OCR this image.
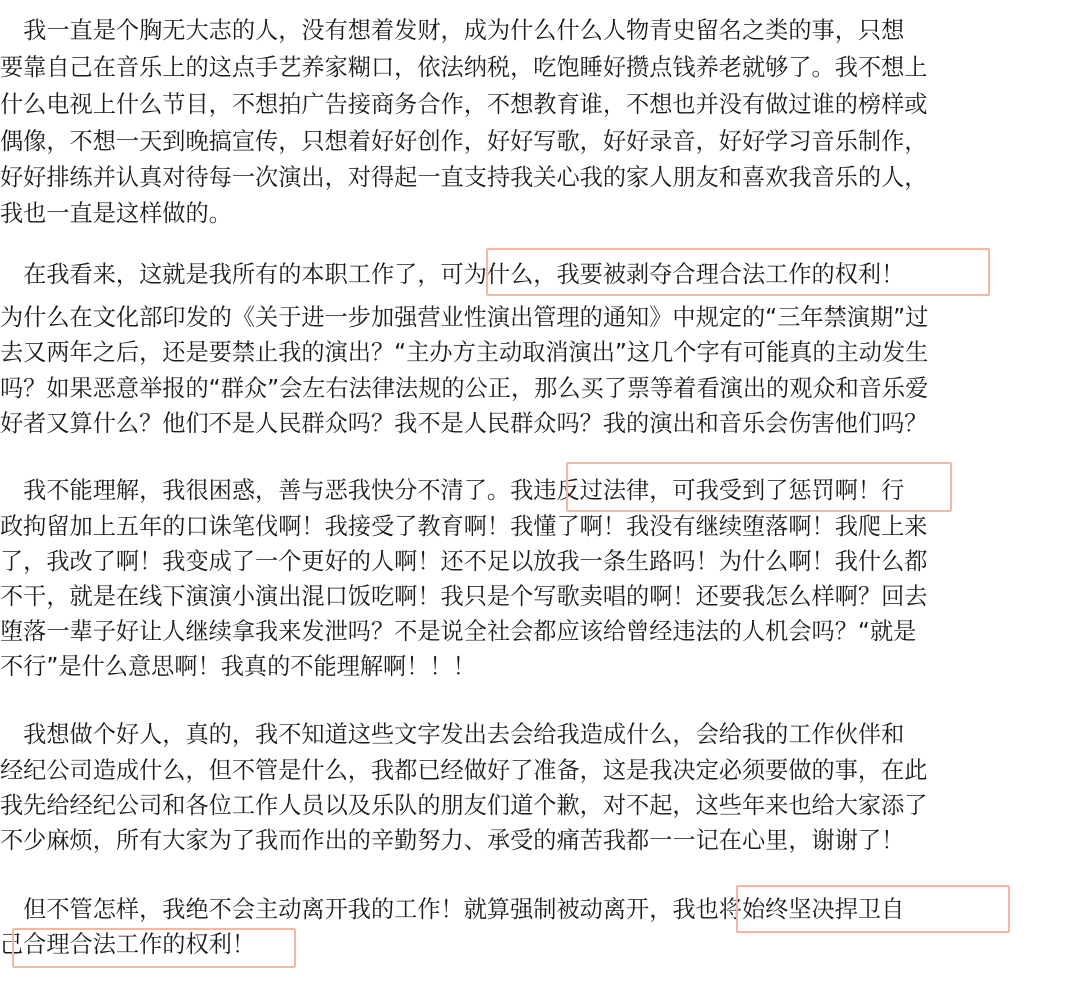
　我一直是个胸无大志的人，没有想着发财，成为什么什么人物青史留名之类的事，只想
要靠自己在音乐上的这点手艺养家糊口，依法纳税，吃饱睡好攒点钱养老就够了。我不想上
什么电视上什么节目，不想拍广告接商务合作，不想教育谁，不想也并没有做过谁的榜样或
偶像，不想一天到晚搞宣传，只想着好好创作，好好写歌，好好录音，好好学习音乐制作，
好好排练并认真对待每一次演出，对得起一直支持我关心我的家人朋友和喜欢我音乐的人，
我也一直是这样做的。
　在我看来，这就是我所有的本职工作了，可为什么，我要被剥夺合理合法工作的权利！
为什么在文化部印发的《关于进一步加强营业性演出管理的通知》中规定的“三年禁演期”过
去又两年之后，还是要禁止我的演出？“主办方主动取消演出”这几个字有可能真的主动发生
吗？如果恶意举报的“群众”会左右法律法规的公正，那么买了票等着看演出的观众和音乐爱
好者又算什么？他们不是人民群众吗？我不是人民群众吗？我的演出和音乐会伤害他们吗？
　我不能理解，我很困惑，善与恶我快分不清了。我违反过法律，可我受到了惩罚啊！行
政拘留加上五年的口诛笔伐啊！我接受了教育啊！我懂了啊！我没有继续堕落啊！我爬上来
了，我改了啊！我变成了一个更好的人啊！还不足以放我一条生路吗！为什么啊！我什么都
不干，就是在线下演演小演出混口饭吃啊！我只是个写歌卖唱的啊！还要我怎么样啊？回去
堕落一辈子好让人继续拿我来发泄吗？不是说全社会都应该给曾经违法的人机会吗？“就是
不行”是什么意思啊！我真的不能理解啊！！！
　我想做个好人，真的，我不知道这些文字发出去会给我造成什么，会给我的工作伙伴和
经纪公司造成什么，但不管是什么，我都已经做好了准备，这是我决定必须要做的事，在此
我先给经纪公司和各位工作人员以及乐队的朋友们道个歉，对不起，这些年来也给大家添了
不少麻烦，所有大家为了我而作出的辛勤努力、承受的痛苦我都一一记在心里，谢谢了！
　但不管怎样，我绝不会主动离开我的工作！就算强制被动离开，我也将始终坚决捍卫自
己合理合法工作的权利！
